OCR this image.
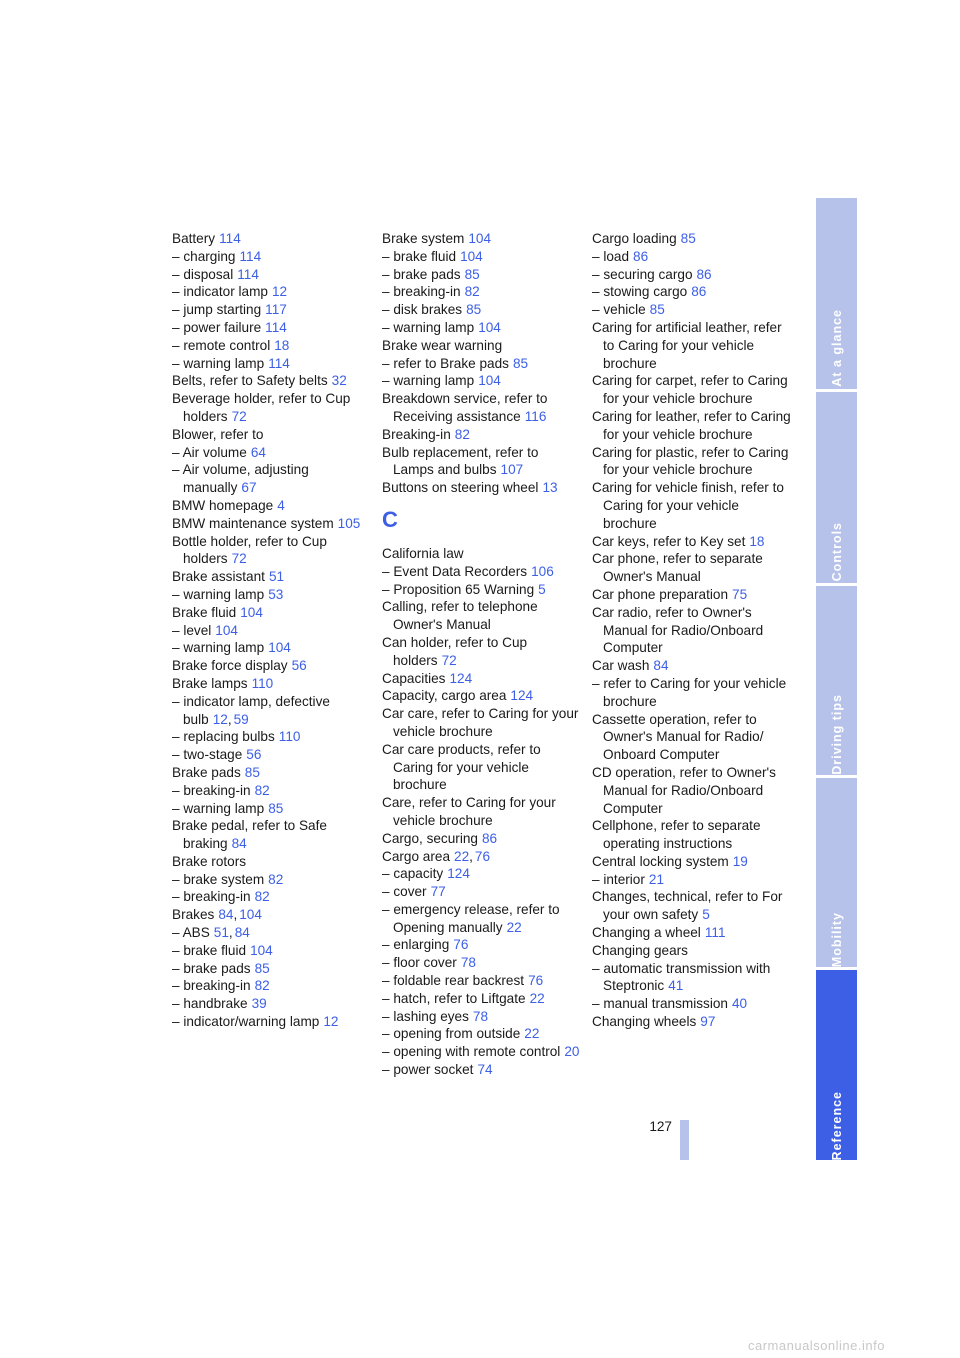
Battery 114

– charging 114

– disposal 114

– indicator lamp 12

– jump starting 117

– power failure 114

– remote control 18

– warning lamp 114

Belts, refer to Safety belts 32

Beverage holder, refer to Cup holders 72

Blower, refer to

– Air volume 64

– Air volume, adjusting manually 67

BMW homepage 4

BMW maintenance system 105

Bottle holder, refer to Cup holders 72

Brake assistant 51

– warning lamp 53

Brake fluid 104

– level 104

– warning lamp 104

Brake force display 56

Brake lamps 110

– indicator lamp, defective bulb 12, 59

– replacing bulbs 110

– two-stage 56

Brake pads 85

– breaking-in 82

– warning lamp 85

Brake pedal, refer to Safe braking 84

Brake rotors

– brake system 82

– breaking-in 82

Brakes 84, 104

– ABS 51, 84

– brake fluid 104

– brake pads 85

– breaking-in 82

– handbrake 39

– indicator/warning lamp 12

Brake system 104

– brake fluid 104

– brake pads 85

– breaking-in 82

– disk brakes 85

– warning lamp 104

Brake wear warning

– refer to Brake pads 85

– warning lamp 104

Breakdown service, refer to Receiving assistance 116

Breaking-in 82

Bulb replacement, refer to Lamps and bulbs 107

Buttons on steering wheel 13

C

California law

– Event Data Recorders 106

– Proposition 65 Warning 5

Calling, refer to telephone Owner's Manual

Can holder, refer to Cup holders 72

Capacities 124

Capacity, cargo area 124

Car care, refer to Caring for your vehicle brochure

Car care products, refer to Caring for your vehicle brochure

Care, refer to Caring for your vehicle brochure

Cargo, securing 86

Cargo area 22, 76

– capacity 124

– cover 77

– emergency release, refer to Opening manually 22

– enlarging 76

– floor cover 78

– foldable rear backrest 76

– hatch, refer to Liftgate 22

– lashing eyes 78

– opening from outside 22

– opening with remote control 20

– power socket 74

Cargo loading 85

– load 86

– securing cargo 86

– stowing cargo 86

– vehicle 85

Caring for artificial leather, refer to Caring for your vehicle brochure

Caring for carpet, refer to Caring for your vehicle brochure

Caring for leather, refer to Caring for your vehicle brochure

Caring for plastic, refer to Caring for your vehicle brochure

Caring for vehicle finish, refer to Caring for your vehicle brochure

Car keys, refer to Key set 18

Car phone, refer to separate Owner's Manual

Car phone preparation 75

Car radio, refer to Owner's Manual for Radio/Onboard Computer

Car wash 84

– refer to Caring for your vehicle brochure

Cassette operation, refer to Owner's Manual for Radio/ Onboard Computer

CD operation, refer to Owner's Manual for Radio/Onboard Computer

Cellphone, refer to separate operating instructions

Central locking system 19

– interior 21

Changes, technical, refer to For your own safety 5

Changing a wheel 111

Changing gears

– automatic transmission with Steptronic 41

– manual transmission 40

Changing wheels 97

At a glance
Controls
Driving tips
Mobility
Reference
127
carmanualsonline.info
